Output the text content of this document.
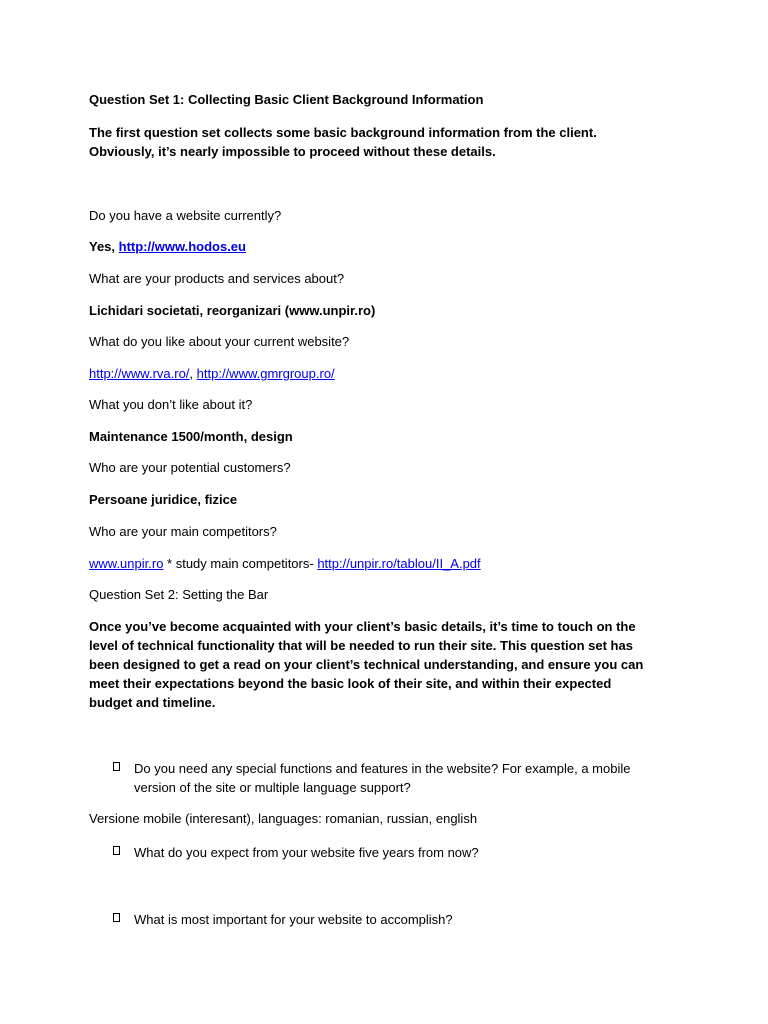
Question Set 1: Collecting Basic Client Background Information
The first question set collects some basic background information from the client.
Obviously, it’s nearly impossible to proceed without these details.
Do you have a website currently?
Yes, http://www.hodos.eu
What are your products and services about?
Lichidari societati, reorganizari (www.unpir.ro)
What do you like about your current website?
http://www.rva.ro/, http://www.gmrgroup.ro/
What you don’t like about it?
Maintenance 1500/month, design
Who are your potential customers?
Persoane juridice, fizice
Who are your main competitors?
www.unpir.ro * study main competitors- http://unpir.ro/tablou/II_A.pdf
Question Set 2: Setting the Bar
Once you’ve become acquainted with your client’s basic details, it’s time to touch on the
level of technical functionality that will be needed to run their site. This question set has
been designed to get a read on your client’s technical understanding, and ensure you can
meet their expectations beyond the basic look of their site, and within their expected
budget and timeline.
Do you need any special functions and features in the website? For example, a mobile
version of the site or multiple language support?
Versione mobile (interesant), languages: romanian, russian, english
What do you expect from your website five years from now?
What is most important for your website to accomplish?
